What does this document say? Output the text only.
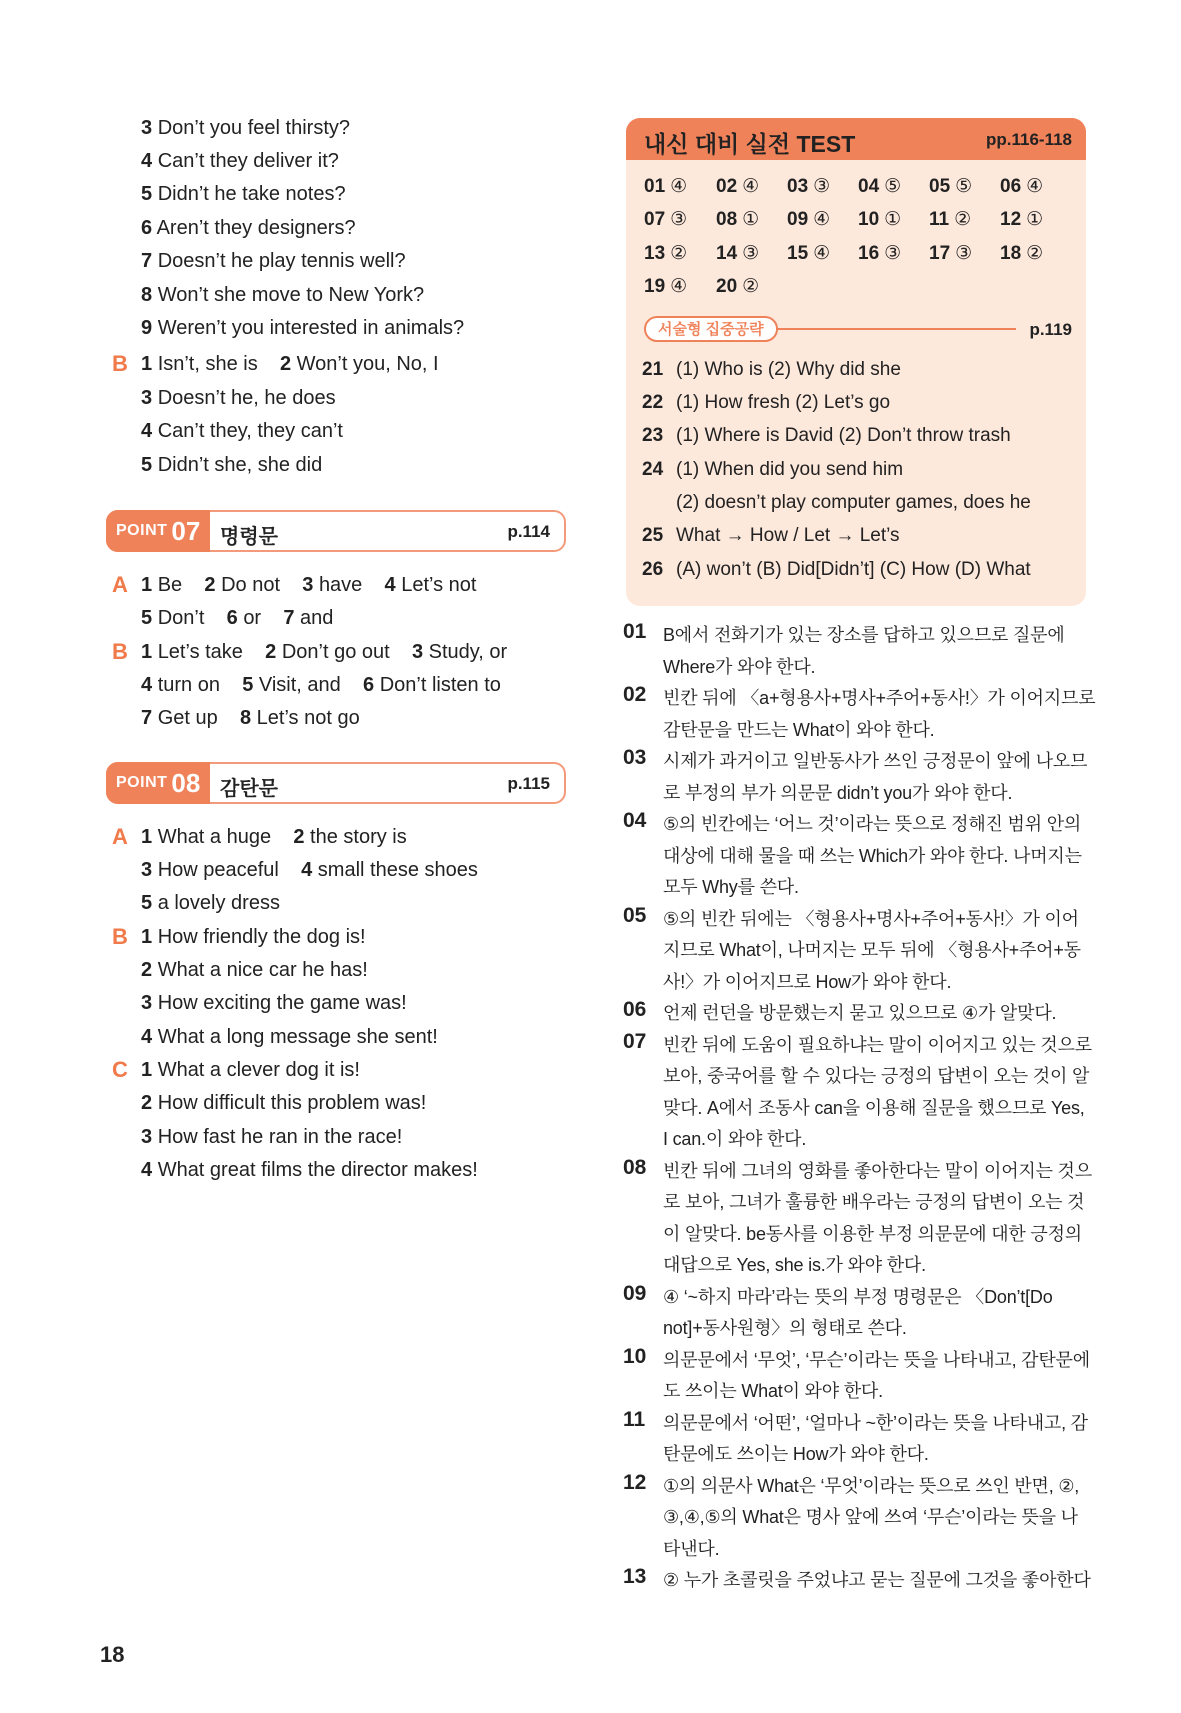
3 Don’t you feel thirsty?
4 Can’t they deliver it?
5 Didn’t he take notes?
6 Aren’t they designers?
7 Doesn’t he play tennis well?
8 Won’t she move to New York?
9 Weren’t you interested in animals?
B 1 Isn’t, she is 2 Won’t you, No, I
3 Doesn’t he, he does
4 Can’t they, they can’t
5 Didn’t she, she did
POINT 07 명령문	p.114
A 1 Be 2 Do not 3 have 4 Let’s not
5 Don’t 6 or 7 and
B 1 Let’s take 2 Don’t go out 3 Study, or
4 turn on 5 Visit, and 6 Don’t listen to
7 Get up 8 Let’s not go
POINT 08 감탄문	p.115
A 1 What a huge 2 the story is
3 How peaceful 4 small these shoes
5 a lovely dress
B 1 How friendly the dog is!
2 What a nice car he has!
3 How exciting the game was!
4 What a long message she sent!
C 1 What a clever dog it is!
2 How difficult this problem was!
3 How fast he ran in the race!
4 What great films the director makes!
내신 대비 실전 TEST	pp.116-118
01 ④ 02 ④ 03 ③ 04 ⑤ 05 ⑤ 06 ④
07 ③ 08 ① 09 ④ 10 ① 11 ② 12 ①
13 ② 14 ③ 15 ④ 16 ③ 17 ③ 18 ②
19 ④ 20 ②
서술형 집중공략	p.119
21 (1) Who is (2) Why did she
22 (1) How fresh (2) Let’s go
23 (1) Where is David (2) Don’t throw trash
24 (1) When did you send him
(2) doesn’t play computer games, does he
25 What → How / Let → Let’s
26 (A) won’t (B) Did[Didn’t] (C) How (D) What
01 B에서 전화기가 있는 장소를 답하고 있으므로 질문에
Where가 와야 한다.
02 빈칸 뒤에 〈a+형용사+명사+주어+동사!〉가 이어지므로
감탄문을 만드는 What이 와야 한다.
03 시제가 과거이고 일반동사가 쓰인 긍정문이 앞에 나오므
로 부정의 부가 의문문 didn’t you가 와야 한다.
04 ⑤의 빈칸에는 ‘어느 것’이라는 뜻으로 정해진 범위 안의
대상에 대해 물을 때 쓰는 Which가 와야 한다. 나머지는
모두 Why를 쓴다.
05 ⑤의 빈칸 뒤에는 〈형용사+명사+주어+동사!〉가 이어
지므로 What이, 나머지는 모두 뒤에 〈형용사+주어+동
사!〉가 이어지므로 How가 와야 한다.
06 언제 런던을 방문했는지 묻고 있으므로 ④가 알맞다.
07 빈칸 뒤에 도움이 필요하냐는 말이 이어지고 있는 것으로
보아, 중국어를 할 수 있다는 긍정의 답변이 오는 것이 알
맞다. A에서 조동사 can을 이용해 질문을 했으므로 Yes,
I can.이 와야 한다.
08 빈칸 뒤에 그녀의 영화를 좋아한다는 말이 이어지는 것으
로 보아, 그녀가 훌륭한 배우라는 긍정의 답변이 오는 것
이 알맞다. be동사를 이용한 부정 의문문에 대한 긍정의
대답으로 Yes, she is.가 와야 한다.
09 ④ ‘~하지 마라’라는 뜻의 부정 명령문은 〈Don’t[Do
not]+동사원형〉의 형태로 쓴다.
10 의문문에서 ‘무엇’, ‘무슨’이라는 뜻을 나타내고, 감탄문에
도 쓰이는 What이 와야 한다.
11 의문문에서 ‘어떤’, ‘얼마나 ~한’이라는 뜻을 나타내고, 감
탄문에도 쓰이는 How가 와야 한다.
12 ①의 의문사 What은 ‘무엇’이라는 뜻으로 쓰인 반면, ②,
③,④,⑤의 What은 명사 앞에 쓰여 ‘무슨’이라는 뜻을 나
타낸다.
13 ② 누가 초콜릿을 주었냐고 묻는 질문에 그것을 좋아한다
18
